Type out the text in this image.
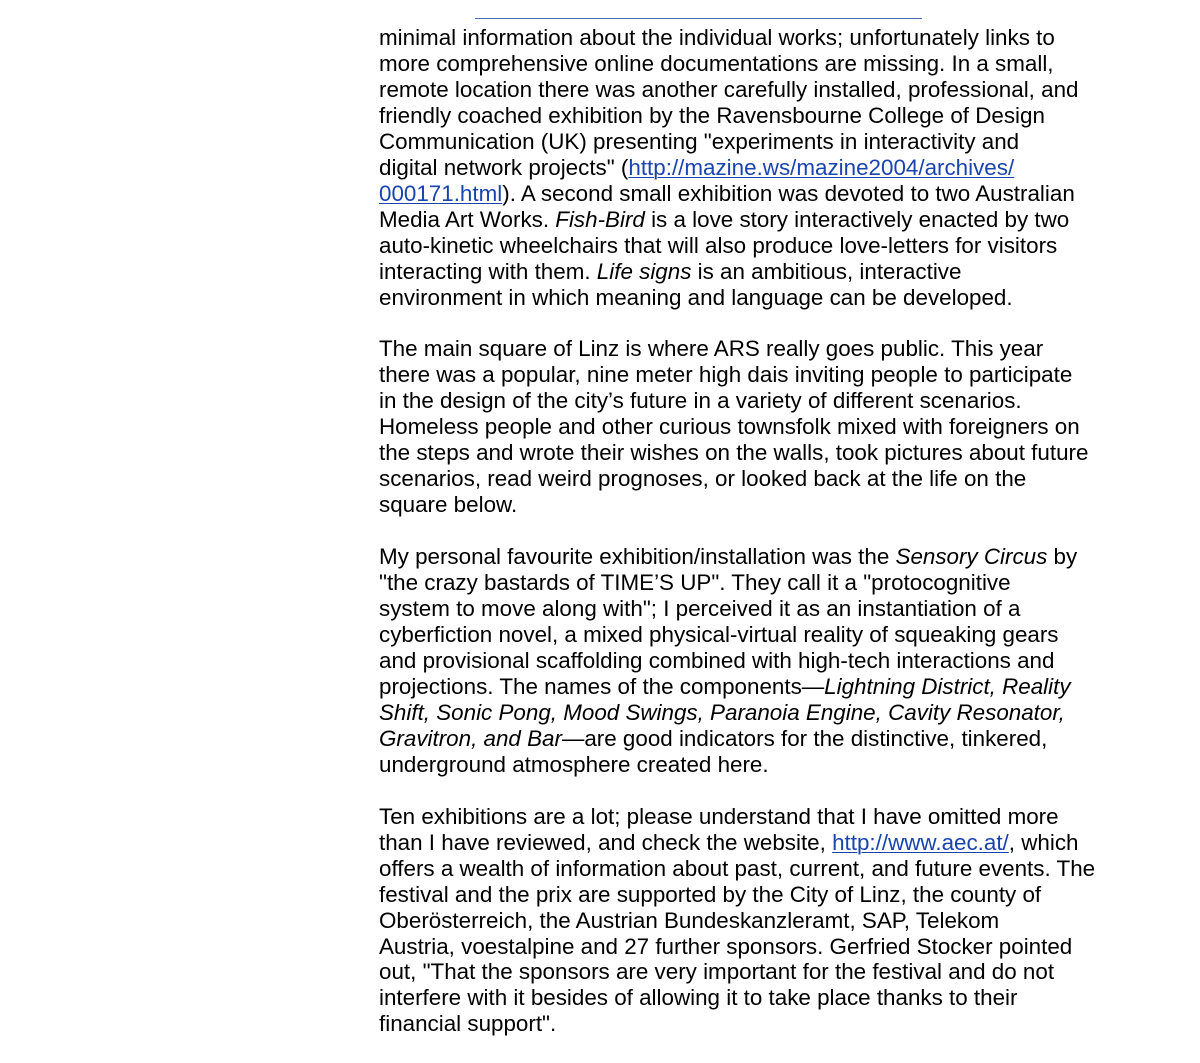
minimal information about the individual works; unfortunately links to
more comprehensive online documentations are missing. In a small,
remote location there was another carefully installed, professional, and
friendly coached exhibition by the Ravensbourne College of Design
Communication (UK) presenting "experiments in interactivity and
digital network projects" (http://mazine.ws/mazine2004/archives/
000171.html). A second small exhibition was devoted to two Australian
Media Art Works. Fish-Bird is a love story interactively enacted by two
auto-kinetic wheelchairs that will also produce love-letters for visitors
interacting with them. Life signs is an ambitious, interactive
environment in which meaning and language can be developed.

The main square of Linz is where ARS really goes public. This year
there was a popular, nine meter high dais inviting people to participate
in the design of the city’s future in a variety of different scenarios.
Homeless people and other curious townsfolk mixed with foreigners on
the steps and wrote their wishes on the walls, took pictures about future
scenarios, read weird prognoses, or looked back at the life on the
square below.

My personal favourite exhibition/installation was the Sensory Circus by
"the crazy bastards of TIME’S UP". They call it a "protocognitive
system to move along with"; I perceived it as an instantiation of a
cyberfiction novel, a mixed physical-virtual reality of squeaking gears
and provisional scaffolding combined with high-tech interactions and
projections. The names of the components—Lightning District, Reality
Shift, Sonic Pong, Mood Swings, Paranoia Engine, Cavity Resonator,
Gravitron, and Bar—are good indicators for the distinctive, tinkered,
underground atmosphere created here.

Ten exhibitions are a lot; please understand that I have omitted more
than I have reviewed, and check the website, http://www.aec.at/, which
offers a wealth of information about past, current, and future events. The
festival and the prix are supported by the City of Linz, the county of
Oberösterreich, the Austrian Bundeskanzleramt, SAP, Telekom
Austria, voestalpine and 27 further sponsors. Gerfried Stocker pointed
out, "That the sponsors are very important for the festival and do not
interfere with it besides of allowing it to take place thanks to their
financial support".
